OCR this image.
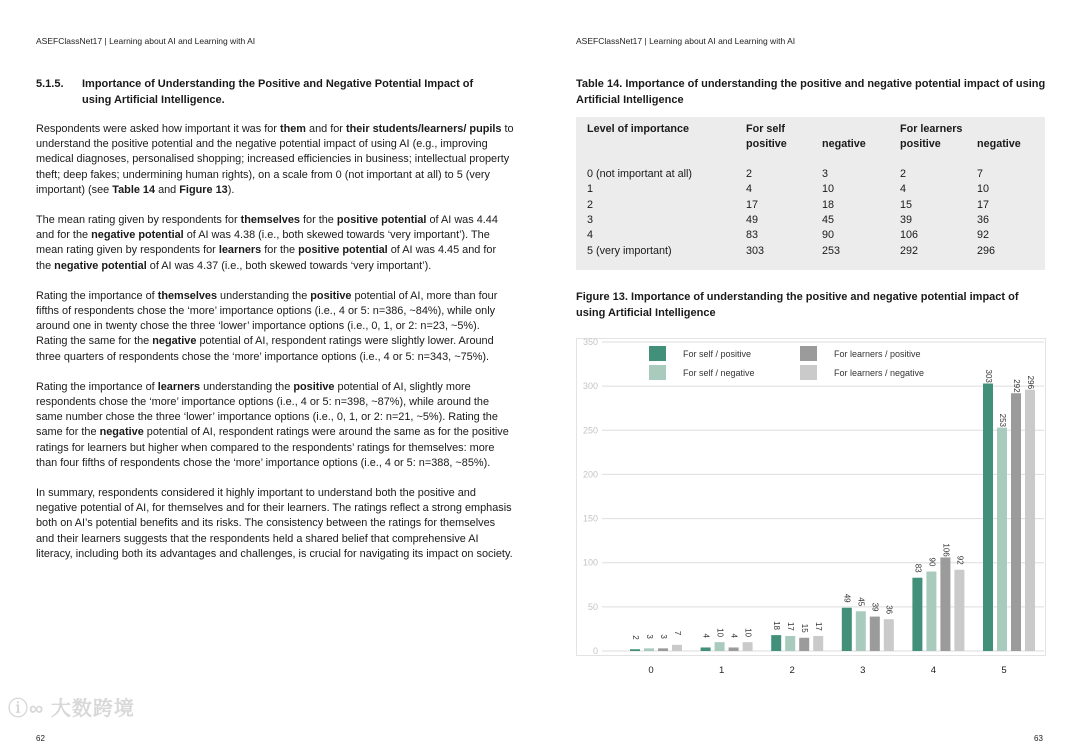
ASEFClassNet17 | Learning about AI and Learning with AI
5.1.5. Importance of Understanding the Positive and Negative Potential Impact of
using Artificial Intelligence.

Respondents were asked how important it was for them and for their students/learners/ pupils to understand the positive potential and the negative potential impact of using AI (e.g., improving medical diagnoses, personalised shopping; increased efficiencies in business; intellectual property theft; deep fakes; undermining human rights), on a scale from 0 (not important at all) to 5 (very important) (see Table 14 and Figure 13).

The mean rating given by respondents for themselves for the positive potential of AI was 4.44 and for the negative potential of AI was 4.38 (i.e., both skewed towards ‘very important’). The mean rating given by respondents for learners for the positive potential of AI was 4.45 and for the negative potential of AI was 4.37 (i.e., both skewed towards ‘very important’).

Rating the importance of themselves understanding the positive potential of AI, more than four fifths of respondents chose the ‘more’ importance options (i.e., 4 or 5: n=386, ~84%), while only around one in twenty chose the three ‘lower’ importance options (i.e., 0, 1, or 2: n=23, ~5%). Rating the same for the negative potential of AI, respondent ratings were slightly lower. Around three quarters of respondents chose the ‘more’ importance options (i.e., 4 or 5: n=343, ~75%).

Rating the importance of learners understanding the positive potential of AI, slightly more respondents chose the ‘more’ importance options (i.e., 4 or 5: n=398, ~87%), while around the same number chose the three ‘lower’ importance options (i.e., 0, 1, or 2: n=21, ~5%). Rating the same for the negative potential of AI, respondent ratings were around the same as for the positive ratings for learners but higher when compared to the respondents’ ratings for themselves: more than four fifths of respondents chose the ‘more’ importance options (i.e., 4 or 5: n=388, ~85%).

In summary, respondents considered it highly important to understand both the positive and negative potential of AI, for themselves and for their learners. The ratings reflect a strong emphasis both on AI’s potential benefits and its risks. The consistency between the ratings for themselves and their learners suggests that the respondents held a shared belief that comprehensive AI literacy, including both its advantages and challenges, is crucial for navigating its impact on society.

ⓘ∞ 大数跨境
62
ASEFClassNet17 | Learning about AI and Learning with AI
Table 14. Importance of understanding the positive and negative potential impact of using Artificial Intelligence
Level of importance	For self	For learners
positive	negative	positive	negative
0 (not important at all)	2	3	2	7
1	4	10	4	10
2	17	18	15	17
3	49	45	39	36
4	83	90	106	92
5 (very important)	303	253	292	296
Figure 13. Importance of understanding the positive and negative potential impact of using Artificial Intelligence
0
50
100
150
200
250
300
350
0	1	2	3	4	5
2	4
18
49
83
303
3	10
17
45
90
253
3	4
15
39
106
292
7	10
17
36
92
296
For self / positive
For self / negative
For learners / positive
For learners / negative
63
